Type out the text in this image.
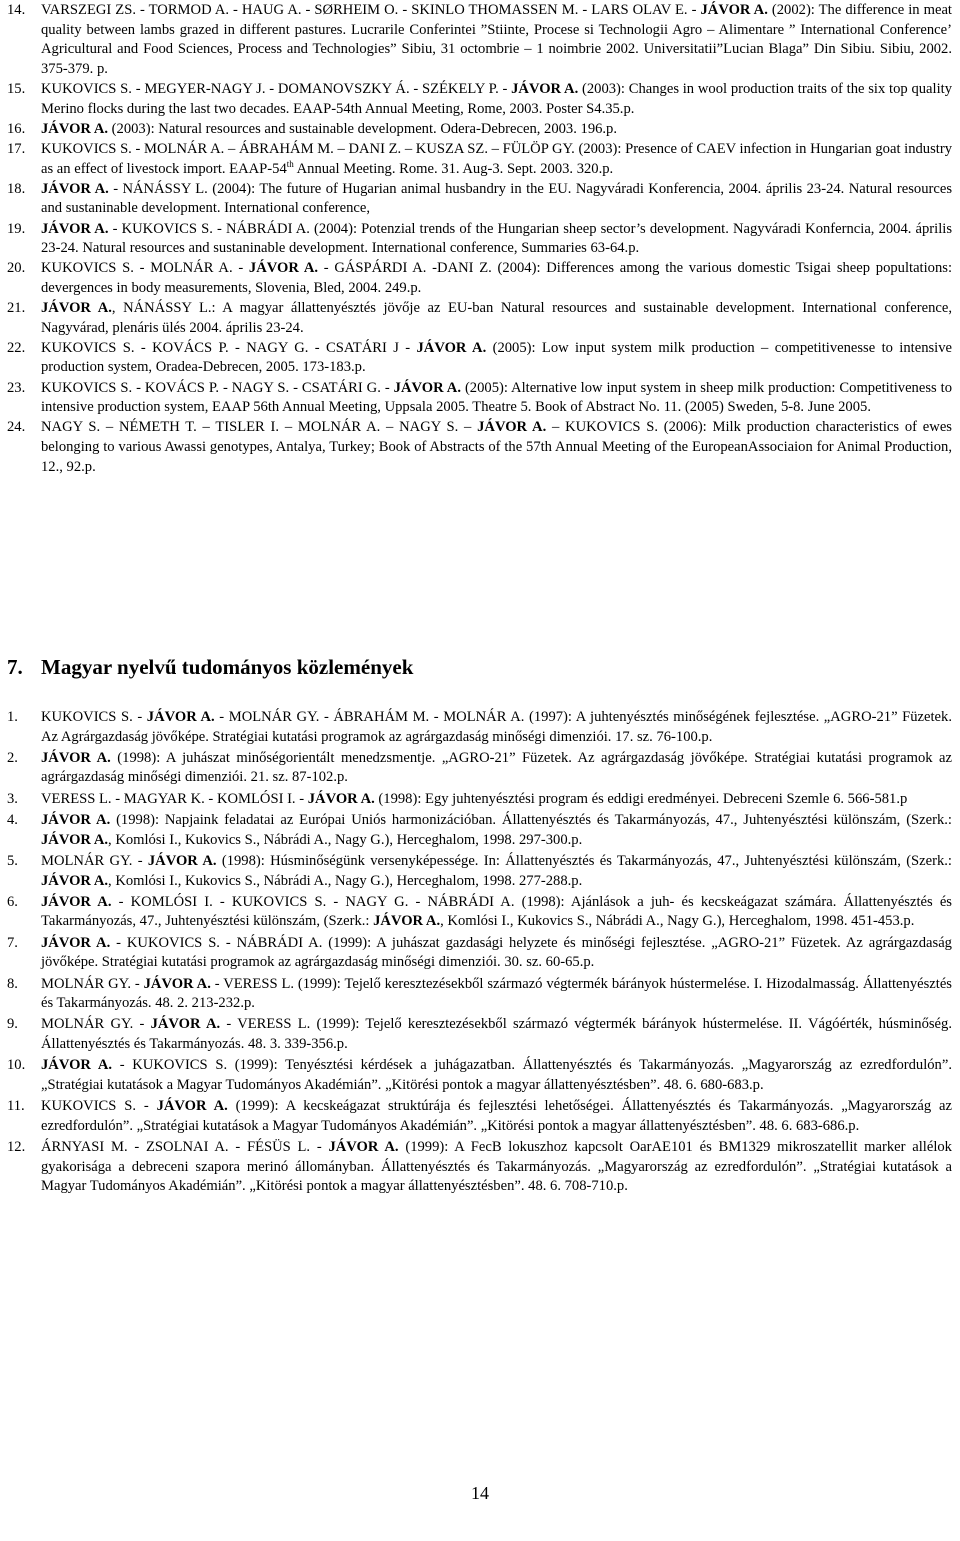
14. VARSZEGI ZS. - TORMOD A. - HAUG A. - SØRHEIM O. - SKINLO THOMASSEN M. - LARS OLAV E. - JÁVOR A. (2002): The difference in meat quality between lambs grazed in different pastures. Lucrarile Conferintei ”Stiinte, Procese si Technologii Agro – Alimentare ” International Conference’ Agricultural and Food Sciences, Process and Technologies” Sibiu, 31 octombrie – 1 noimbrie 2002. Universitatii”Lucian Blaga” Din Sibiu. Sibiu, 2002. 375-379. p.
15. KUKOVICS S. - MEGYER-NAGY J. - DOMANOVSZKY Á. - SZÉKELY P. - JÁVOR A. (2003): Changes in wool production traits of the six top quality Merino flocks during the last two decades. EAAP-54th Annual Meeting, Rome, 2003. Poster S4.35.p.
16. JÁVOR A. (2003): Natural resources and sustainable development. Odera-Debrecen, 2003. 196.p.
17. KUKOVICS S. - MOLNÁR A. – ÁBRAHÁM M. – DANI Z. – KUSZA SZ. – FÜLÖP GY. (2003): Presence of CAEV infection in Hungarian goat industry as an effect of livestock import. EAAP-54th Annual Meeting. Rome. 31. Aug-3. Sept. 2003. 320.p.
18. JÁVOR A. - NÁNÁSSY L. (2004): The future of Hugarian animal husbandry in the EU. Nagyváradi Konferencia, 2004. április 23-24. Natural resources and sustaninable development. International conference,
19. JÁVOR A. - KUKOVICS S. - NÁBRÁDI A. (2004): Potenzial trends of the Hungarian sheep sector’s development. Nagyváradi Konferncia, 2004. április 23-24. Natural resources and sustaninable development. International conference, Summaries 63-64.p.
20. KUKOVICS S. - MOLNÁR A. - JÁVOR A. - GÁSPÁRDI A. -DANI Z. (2004): Differences among the various domestic Tsigai sheep popultations: devergences in body measurements, Slovenia, Bled, 2004. 249.p.
21. JÁVOR A., NÁNÁSSY L.: A magyar állattenyésztés jövője az EU-ban Natural resources and sustainable development. International conference, Nagyvárad, plenáris ülés 2004. április 23-24.
22. KUKOVICS S. - KOVÁCS P. - NAGY G. - CSATÁRI J - JÁVOR A. (2005): Low input system milk production – competitivenesse to intensive production system, Oradea-Debrecen, 2005. 173-183.p.
23. KUKOVICS S. - KOVÁCS P. - NAGY S. - CSATÁRI G. - JÁVOR A. (2005): Alternative low input system in sheep milk production: Competitiveness to intensive production system, EAAP 56th Annual Meeting, Uppsala 2005. Theatre 5. Book of Abstract No. 11. (2005) Sweden, 5-8. June 2005.
24. NAGY S. – NÉMETH T. – TISLER I. – MOLNÁR A. – NAGY S. – JÁVOR A. – KUKOVICS S. (2006): Milk production characteristics of ewes belonging to various Awassi genotypes, Antalya, Turkey; Book of Abstracts of the 57th Annual Meeting of the EuropeanAssociaion for Animal Production, 12., 92.p.
7. Magyar nyelvű tudományos közlemények
1. KUKOVICS S. - JÁVOR A. - MOLNÁR GY. - ÁBRAHÁM M. - MOLNÁR A. (1997): A juhtenyésztés minőségének fejlesztése. „AGRO-21” Füzetek. Az Agrárgazdaság jövőképe. Stratégiai kutatási programok az agrárgazdaság minőségi dimenziói. 17. sz. 76-100.p.
2. JÁVOR A. (1998): A juhászat minőségorientált menedzsmentje. „AGRO-21” Füzetek. Az agrárgazdaság jövőképe. Stratégiai kutatási programok az agrárgazdaság minőségi dimenziói. 21. sz. 87-102.p.
3. VERESS L. - MAGYAR K. - KOMLÓSI I. - JÁVOR A. (1998): Egy juhtenyésztési program és eddigi eredményei. Debreceni Szemle 6. 566-581.p
4. JÁVOR A. (1998): Napjaink feladatai az Európai Uniós harmonizációban. Állattenyésztés és Takarmányozás, 47., Juhtenyésztési különszám, (Szerk.: JÁVOR A., Komlósi I., Kukovics S., Nábrádi A., Nagy G.), Herceghalom, 1998. 297-300.p.
5. MOLNÁR GY. - JÁVOR A. (1998): Húsminőségünk versenyképessége. In: Állattenyésztés és Takarmányozás, 47., Juhtenyésztési különszám, (Szerk.: JÁVOR A., Komlósi I., Kukovics S., Nábrádi A., Nagy G.), Herceghalom, 1998. 277-288.p.
6. JÁVOR A. - KOMLÓSI I. - KUKOVICS S. - NAGY G. - NÁBRÁDI A. (1998): Ajánlások a juh- és kecskeágazat számára. Állattenyésztés és Takarmányozás, 47., Juhtenyésztési különszám, (Szerk.: JÁVOR A., Komlósi I., Kukovics S., Nábrádi A., Nagy G.), Herceghalom, 1998. 451-453.p.
7. JÁVOR A. - KUKOVICS S. - NÁBRÁDI A. (1999): A juhászat gazdasági helyzete és minőségi fejlesztése. „AGRO-21” Füzetek. Az agrárgazdaság jövőképe. Stratégiai kutatási programok az agrárgazdaság minőségi dimenziói. 30. sz. 60-65.p.
8. MOLNÁR GY. - JÁVOR A. - VERESS L. (1999): Tejelő keresztezésekből származó végtermék bárányok hústermelése. I. Hizodalmasság. Állattenyésztés és Takarmányozás. 48. 2. 213-232.p.
9. MOLNÁR GY. - JÁVOR A. - VERESS L. (1999): Tejelő keresztezésekből származó végtermék bárányok hústermelése. II. Vágóérték, húsminőség. Állattenyésztés és Takarmányozás. 48. 3. 339-356.p.
10. JÁVOR A. - KUKOVICS S. (1999): Tenyésztési kérdések a juhágazatban. Állattenyésztés és Takarmányozás. „Magyarország az ezredfordulón”. „Stratégiai kutatások a Magyar Tudományos Akadémián”. „Kitörési pontok a magyar állattenyésztésben”. 48. 6. 680-683.p.
11. KUKOVICS S. - JÁVOR A. (1999): A kecskeágazat struktúrája és fejlesztési lehetőségei. Állattenyésztés és Takarmányozás. „Magyarország az ezredfordulón”. „Stratégiai kutatások a Magyar Tudományos Akadémián”. „Kitörési pontok a magyar állattenyésztésben”. 48. 6. 683-686.p.
12. ÁRNYASI M. - ZSOLNAI A. - FÉSÜS L. - JÁVOR A. (1999): A FecB lokuszhoz kapcsolt OarAE101 és BM1329 mikroszatellit marker allélok gyakorisága a debreceni szapora merinó állományban. Állattenyésztés és Takarmányozás. „Magyarország az ezredfordulón”. „Stratégiai kutatások a Magyar Tudományos Akadémián”. „Kitörési pontok a magyar állattenyésztésben”. 48. 6. 708-710.p.
14
